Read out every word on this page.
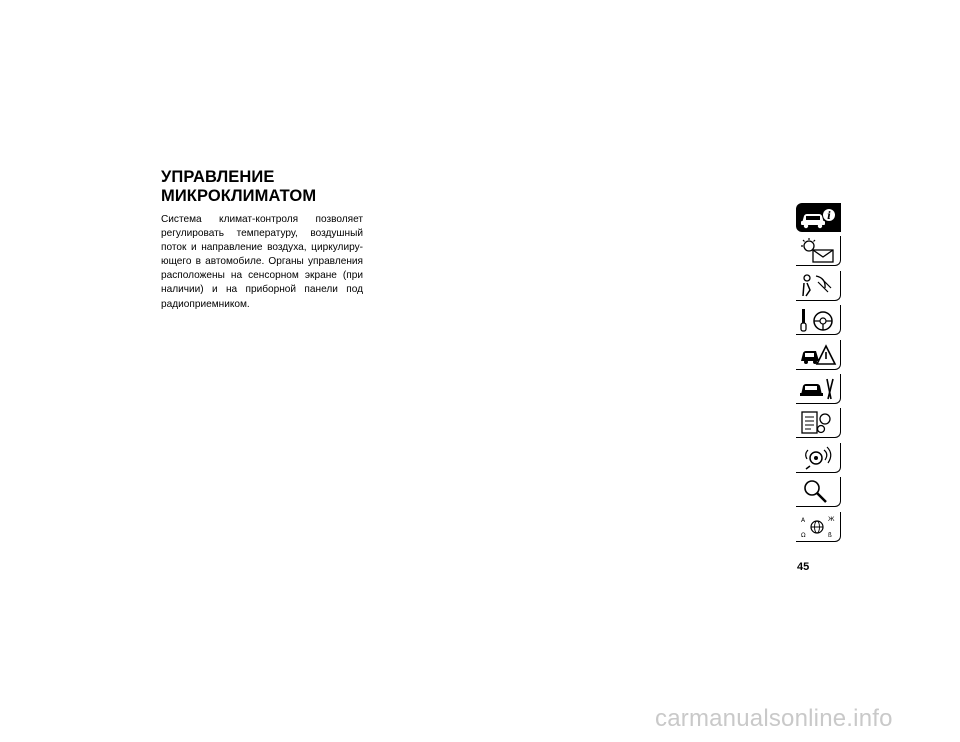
УПРАВЛЕНИЕ
МИКРОКЛИМАТОМ

Система климат-контроля позволяет регулировать температуру, воздушный поток и направление воздуха, циркулиру-ющего в автомобиле. Органы управления расположены на сенсорном экране (при наличии) и на приборной панели под радиоприемником.

i
A	Ж
Ω	ß
45
carmanualsonline.info
